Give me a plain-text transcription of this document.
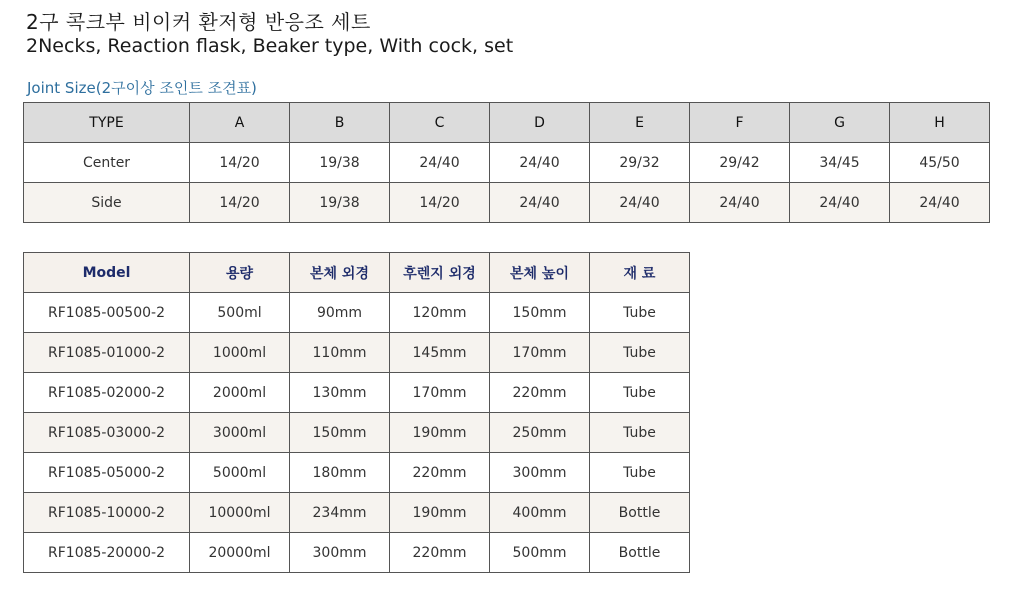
2구 콕크부 비이커 환저형 반응조 세트
2Necks, Reaction flask, Beaker type, With cock, set
Joint Size(2구이상 조인트 조견표)
TYPE	A	B	C	D	E	F	G	H
Center	14/20	19/38	24/40	24/40	29/32	29/42	34/45	45/50
Side	14/20	19/38	14/20	24/40	24/40	24/40	24/40	24/40
Model	용량	본체 외경	후렌지 외경	본체 높이	재 료
RF1085-00500-2	500ml	90mm	120mm	150mm	Tube
RF1085-01000-2	1000ml	110mm	145mm	170mm	Tube
RF1085-02000-2	2000ml	130mm	170mm	220mm	Tube
RF1085-03000-2	3000ml	150mm	190mm	250mm	Tube
RF1085-05000-2	5000ml	180mm	220mm	300mm	Tube
RF1085-10000-2	10000ml	234mm	190mm	400mm	Bottle
RF1085-20000-2	20000ml	300mm	220mm	500mm	Bottle
